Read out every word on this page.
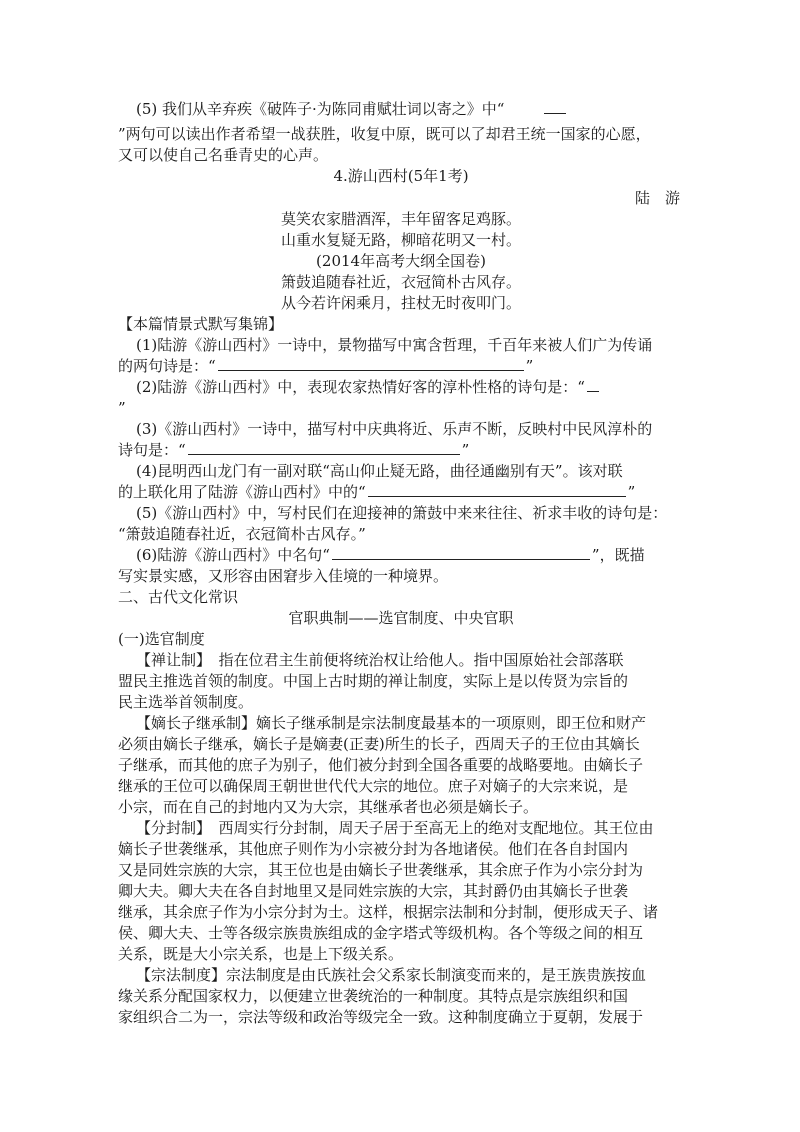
(5) 我们从辛弃疾《破阵子·为陈同甫赋壮词以寄之》中“
”两句可以读出作者希望一战获胜，收复中原，既可以了却君王统一国家的心愿，
又可以使自己名垂青史的心声。
4.游山西村(5年1考)
陆　游
莫笑农家腊酒浑，丰年留客足鸡豚。
山重水复疑无路，柳暗花明又一村。
(2014年高考大纲全国卷)
箫鼓追随春社近，衣冠简朴古风存。
从今若许闲乘月，拄杖无时夜叩门。
【本篇情景式默写集锦】
(1)陆游《游山西村》一诗中，景物描写中寓含哲理，千百年来被人们广为传诵
的两句诗是：“	”
(2)陆游《游山西村》中，表现农家热情好客的淳朴性格的诗句是：“
”
(3)《游山西村》一诗中，描写村中庆典将近、乐声不断，反映村中民风淳朴的
诗句是：“	”
(4)昆明西山龙门有一副对联“高山仰止疑无路，曲径通幽别有天”。该对联
的上联化用了陆游《游山西村》中的“	”
(5)《游山西村》中，写村民们在迎接神的箫鼓中来来往往、祈求丰收的诗句是：
“箫鼓追随春社近，衣冠简朴古风存。”
(6)陆游《游山西村》中名句“	”，既描
写实景实感，又形容由困窘步入佳境的一种境界。
二、古代文化常识
官职典制——选官制度、中央官职
(一)选官制度
【禅让制】　指在位君主生前便将统治权让给他人。指中国原始社会部落联
盟民主推选首领的制度。中国上古时期的禅让制度，实际上是以传贤为宗旨的
民主选举首领制度。
【嫡长子继承制】嫡长子继承制是宗法制度最基本的一项原则，即王位和财产
必须由嫡长子继承，嫡长子是嫡妻(正妻)所生的长子，西周天子的王位由其嫡长
子继承，而其他的庶子为别子，他们被分封到全国各重要的战略要地。由嫡长子
继承的王位可以确保周王朝世世代代大宗的地位。庶子对嫡子的大宗来说，是
小宗，而在自己的封地内又为大宗，其继承者也必须是嫡长子。
【分封制】　西周实行分封制，周天子居于至高无上的绝对支配地位。其王位由
嫡长子世袭继承，其他庶子则作为小宗被分封为各地诸侯。他们在各自封国内
又是同姓宗族的大宗，其王位也是由嫡长子世袭继承，其余庶子作为小宗分封为
卿大夫。卿大夫在各自封地里又是同姓宗族的大宗，其封爵仍由其嫡长子世袭
继承，其余庶子作为小宗分封为士。这样，根据宗法制和分封制，便形成天子、诸
侯、卿大夫、士等各级宗族贵族组成的金字塔式等级机构。各个等级之间的相互
关系，既是大小宗关系，也是上下级关系。
【宗法制度】宗法制度是由氏族社会父系家长制演变而来的，是王族贵族按血
缘关系分配国家权力，以便建立世袭统治的一种制度。其特点是宗族组织和国
家组织合二为一，宗法等级和政治等级完全一致。这种制度确立于夏朝，发展于
